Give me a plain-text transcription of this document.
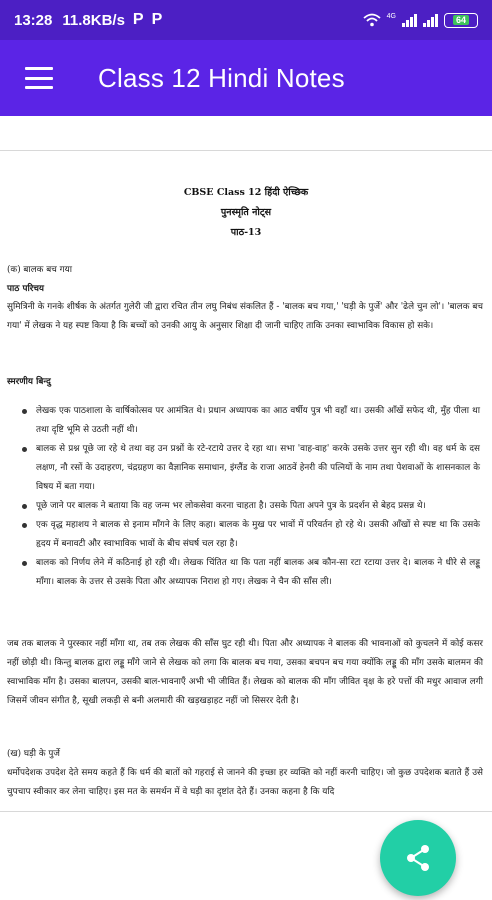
13:28 11.8KB/s P P	4G	64
Class 12 Hindi Notes
CBSE Class 12 हिंदी ऐच्छिक
पुनस्मृति नोट्स
पाठ-13
(क) बालक बच गया
पाठ परिचय
सुमित्रिनी के गनके शीर्षक के अंतर्गत गुलेरी जी द्वारा रचित तीन लघु निबंध संकलित हैं - 'बालक बच गया,' 'घड़ी के पुर्जे' और 'ढेले चुन लो'। 'बालक बच गया' में लेखक ने यह स्पष्ट किया है कि बच्चों को उनकी आयु के अनुसार शिक्षा दी जानी चाहिए ताकि उनका स्वाभाविक विकास हो सके।
स्मरणीय बिन्दु
लेखक एक पाठशाला के वार्षिकोत्सव पर आमंत्रित थे। प्रधान अध्यापक का आठ वर्षीय पुत्र भी वहाँ था। उसकी आँखें सफेद थी, मुँह पीला था तथा दृष्टि भूमि से उठती नहीं थी।
बालक से प्रश्न पूछे जा रहे थे तथा वह उन प्रश्नों के रटे-रटाये उत्तर दे रहा था। सभा 'वाह-वाह' करके उसके उत्तर सुन रही थी। वह धर्म के दस लक्षण, नौ रसों के उदाहरण, चंद्रग्रहण का वैज्ञानिक समाधान, इंग्लैंड के राजा आठवें हेनरी की पत्नियों के नाम तथा पेशवाओं के शासनकाल के विषय में बता गया।
पूछे जाने पर बालक ने बताया कि वह जन्म भर लोकसेवा करना चाहता है। उसके पिता अपने पुत्र के प्रदर्शन से बेहद प्रसन्न थे।
एक वृद्ध महाशय ने बालक से इनाम माँगने के लिए कहा। बालक के मुख पर भावों में परिवर्तन हो रहे थे। उसकी आँखों से स्पष्ट था कि उसके हृदय में बनावटी और स्वाभाविक भावों के बीच संघर्ष चल रहा है।
बालक को निर्णय लेने में कठिनाई हो रही थी। लेखक चिंतित था कि पता नहीं बालक अब कौन-सा रटा रटाया उत्तर दे। बालक ने धीरे से लड्डू माँगा। बालक के उत्तर से उसके पिता और अध्यापक निराश हो गए। लेखक ने चैन की साँस ली।
जब तक बालक ने पुरस्कार नहीं माँगा था, तब तक लेखक की साँस घुट रही थी। पिता और अध्यापक ने बालक की भावनाओं को कुचलने में कोई कसर नहीं छोड़ी थी। किन्तु बालक द्वारा लड्डू माँगे जाने से लेखक को लगा कि बालक बच गया, उसका बचपन बच गया क्योंकि लड्डू की माँग उसके बालमन की स्वाभाविक माँग है। उसका बालपन, उसकी बाल-भावनाएँ अभी भी जीवित हैं। लेखक को बालक की माँग जीवित वृक्ष के हरे पत्तों की मधुर आवाज लगी जिसमें जीवन संगीत है, सूखी लकड़ी से बनी अलमारी की खड़खड़ाहट नहीं जो सिसरर देती है।
(ख) घड़ी के पुर्जे
धर्मोपदेशक उपदेश देते समय कहते हैं कि धर्म की बातों को गहराई से जानने की इच्छा हर व्यक्ति को नहीं करनी चाहिए। जो कुछ उपदेशक बताते हैं उसे चुपचाप स्वीकार कर लेना चाहिए। इस मत के समर्थन में वे घड़ी का दृष्टांत देते हैं। उनका कहना है कि यदि
